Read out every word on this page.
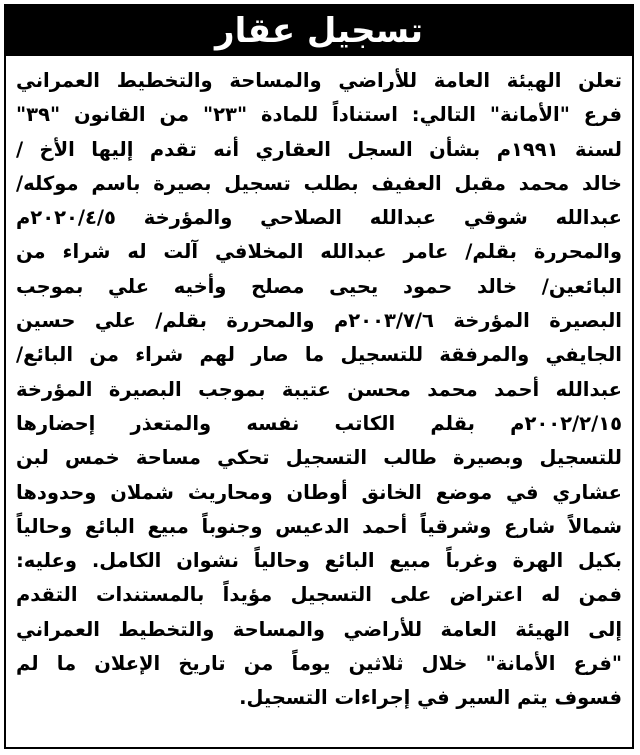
تسجيل عقار
تعلن الهيئة العامة للأراضي والمساحة والتخطيط العمراني
فرع "الأمانة" التالي: استناداً للمادة "٢٣" من القانون "٣٩"
لسنة ١٩٩١م بشأن السجل العقاري أنه تقدم إليها الأخ /
خالد محمد مقبل العفيف بطلب تسجيل بصيرة باسم موكله/
عبدالله شوقي عبدالله الصلاحي والمؤرخة ٢٠٢٠/٤/٥م
والمحررة بقلم/ عامر عبدالله المخلافي آلت له شراء من
البائعين/ خالد حمود يحيى مصلح وأخيه علي بموجب
البصيرة المؤرخة ٢٠٠٣/٧/٦م والمحررة بقلم/ علي حسين
الجايفي والمرفقة للتسجيل ما صار لهم شراء من البائع/
عبدالله أحمد محمد محسن عتيبة بموجب البصيرة المؤرخة
٢٠٠٢/٢/١٥م بقلم الكاتب نفسه والمتعذر إحضارها
للتسجيل وبصيرة طالب التسجيل تحكي مساحة خمس لبن
عشاري في موضع الخانق أوطان ومحاريث شملان وحدودها
شمالاً شارع وشرقياً أحمد الدعيس وجنوباً مبيع البائع وحالياً
بكيل الهرة وغرباً مبيع البائع وحالياً نشوان الكامل. وعليه:
فمن له اعتراض على التسجيل مؤيداً بالمستندات التقدم
إلى الهيئة العامة للأراضي والمساحة والتخطيط العمراني
"فرع الأمانة" خلال ثلاثين يوماً من تاريخ الإعلان ما لم
فسوف يتم السير في إجراءات التسجيل.
